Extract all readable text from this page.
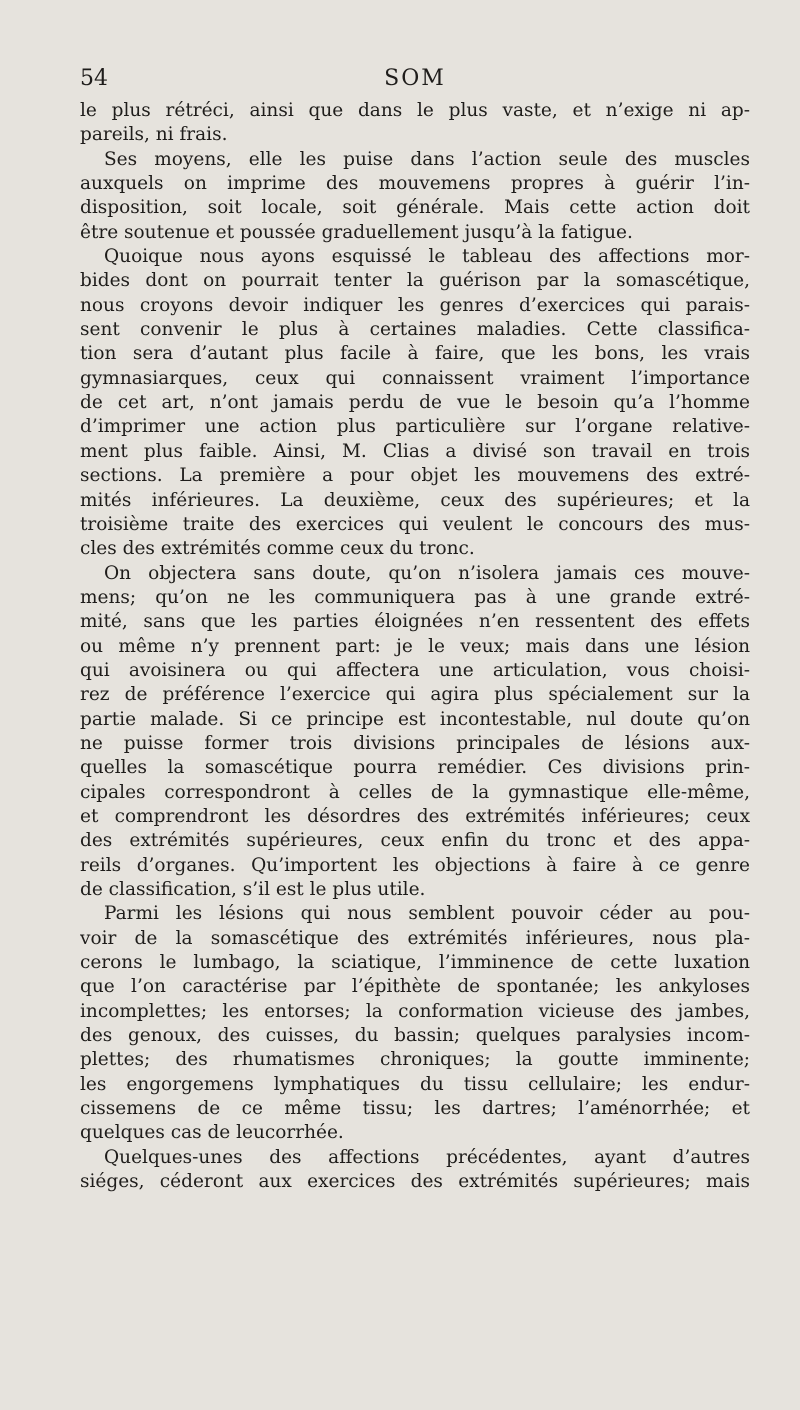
54	SOM
le plus rétréci, ainsi que dans le plus vaste, et n’exige ni ap-
pareils, ni frais.
Ses moyens, elle les puise dans l’action seule des muscles
auxquels on imprime des mouvemens propres à guérir l’in-
disposition, soit locale, soit générale. Mais cette action doit
être soutenue et poussée graduellement jusqu’à la fatigue.
Quoique nous ayons esquissé le tableau des affections mor-
bides dont on pourrait tenter la guérison par la somascétique,
nous croyons devoir indiquer les genres d’exercices qui parais-
sent convenir le plus à certaines maladies. Cette classifica-
tion sera d’autant plus facile à faire, que les bons, les vrais
gymnasiarques, ceux qui connaissent vraiment l’importance
de cet art, n’ont jamais perdu de vue le besoin qu’a l’homme
d’imprimer une action plus particulière sur l’organe relative-
ment plus faible. Ainsi, M. Clias a divisé son travail en trois
sections. La première a pour objet les mouvemens des extré-
mités inférieures. La deuxième, ceux des supérieures; et la
troisième traite des exercices qui veulent le concours des mus-
cles des extrémités comme ceux du tronc.
On objectera sans doute, qu’on n’isolera jamais ces mouve-
mens; qu’on ne les communiquera pas à une grande extré-
mité, sans que les parties éloignées n’en ressentent des effets
ou même n’y prennent part: je le veux; mais dans une lésion
qui avoisinera ou qui affectera une articulation, vous choisi-
rez de préférence l’exercice qui agira plus spécialement sur la
partie malade. Si ce principe est incontestable, nul doute qu’on
ne puisse former trois divisions principales de lésions aux-
quelles la somascétique pourra remédier. Ces divisions prin-
cipales correspondront à celles de la gymnastique elle-même,
et comprendront les désordres des extrémités inférieures; ceux
des extrémités supérieures, ceux enfin du tronc et des appa-
reils d’organes. Qu’importent les objections à faire à ce genre
de classification, s’il est le plus utile.
Parmi les lésions qui nous semblent pouvoir céder au pou-
voir de la somascétique des extrémités inférieures, nous pla-
cerons le lumbago, la sciatique, l’imminence de cette luxation
que l’on caractérise par l’épithète de spontanée; les ankyloses
incomplettes; les entorses; la conformation vicieuse des jambes,
des genoux, des cuisses, du bassin; quelques paralysies incom-
plettes; des rhumatismes chroniques; la goutte imminente;
les engorgemens lymphatiques du tissu cellulaire; les endur-
cissemens de ce même tissu; les dartres; l’aménorrhée; et
quelques cas de leucorrhée.
Quelques-unes des affections précédentes, ayant d’autres
siéges, céderont aux exercices des extrémités supérieures; mais
